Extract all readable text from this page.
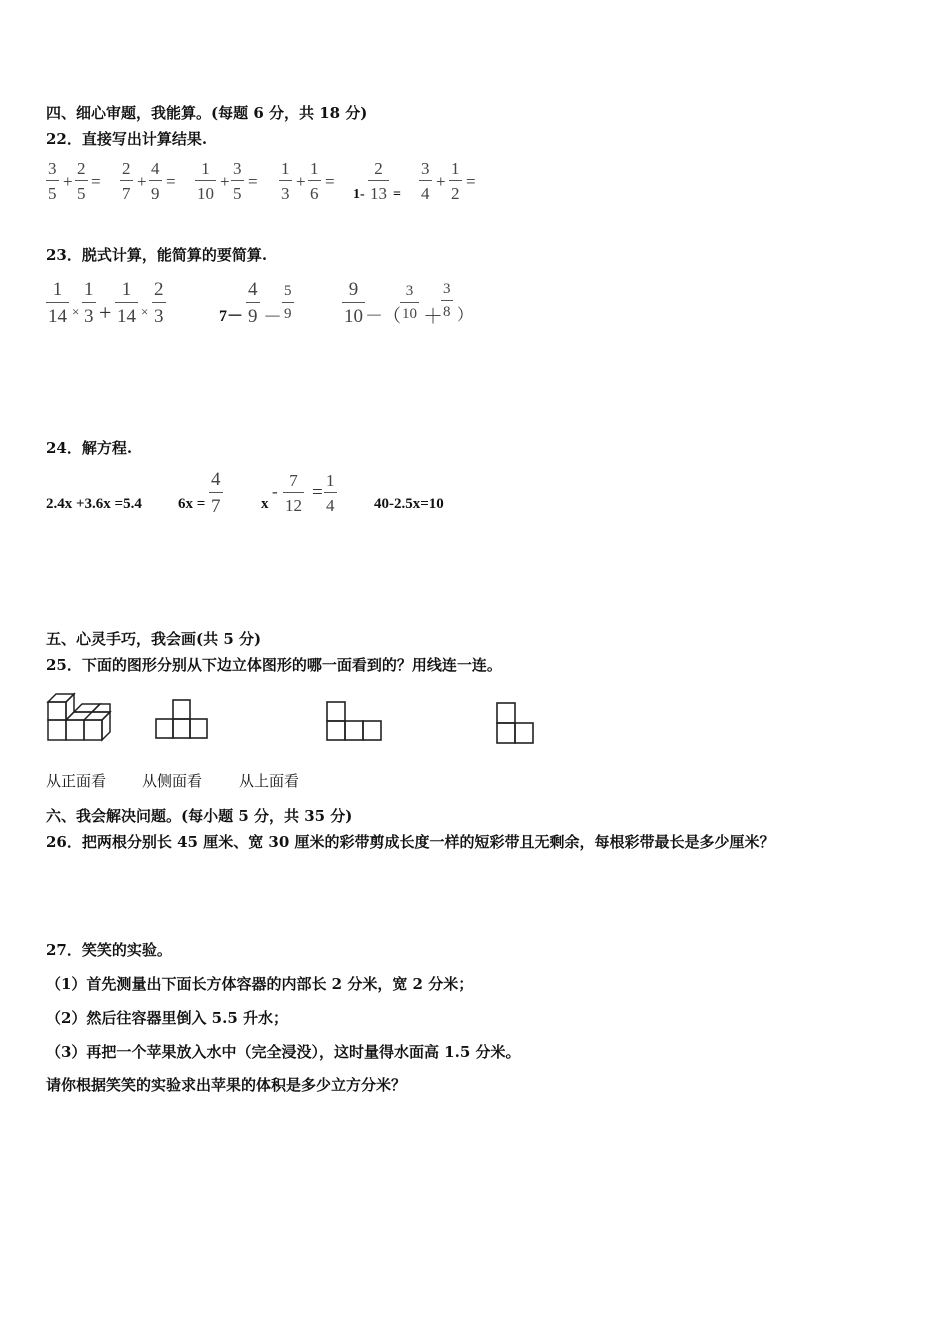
四、细心审题，我能算。(每题 6 分，共 18 分)
22．直接写出计算结果.
$\frac{3}{5} + \frac{2}{5} = \frac{2}{7} + \frac{4}{9} = \frac{1}{10} + \frac{3}{5} = \frac{1}{3} + \frac{1}{6}$ =
$1- \frac{2}{13} = \frac{3}{4} + \frac{1}{2}$ =
23．脱式计算，能简算的要简算.
$\frac{1}{14} \times \frac{1}{3} + \frac{1}{14} \times \frac{2}{3}$	$7- \frac{4}{9} - \frac{5}{9}$	$\frac{9}{10}$ －（ $\frac{3}{10}$ ＋
$\frac{3}{8}$ ）
24．解方程.
2.4x +3.6x =5.4 $6x = \frac{4}{7}$	x
- $\frac{7}{12} = \frac{1}{4}$	40-2.5x=10
五、心灵手巧，我会画(共 5 分)
25．下面的图形分别从下边立体图形的哪一面看到的？用线连一连。
从正面看 从侧面看 从上面看
六、我会解决问题。(每小题 5 分，共 35 分)
26．把两根分别长 45 厘米、宽 30 厘米的彩带剪成长度一样的短彩带且无剩余，每根彩带最长是多少厘米？
27．笑笑的实验。
（1）首先测量出下面长方体容器的内部长 2 分米，宽 2 分米；
（2）然后往容器里倒入 5.5 升水；
（3）再把一个苹果放入水中（完全浸没），这时量得水面高 1.5 分米。
请你根据笑笑的实验求出苹果的体积是多少立方分米？
